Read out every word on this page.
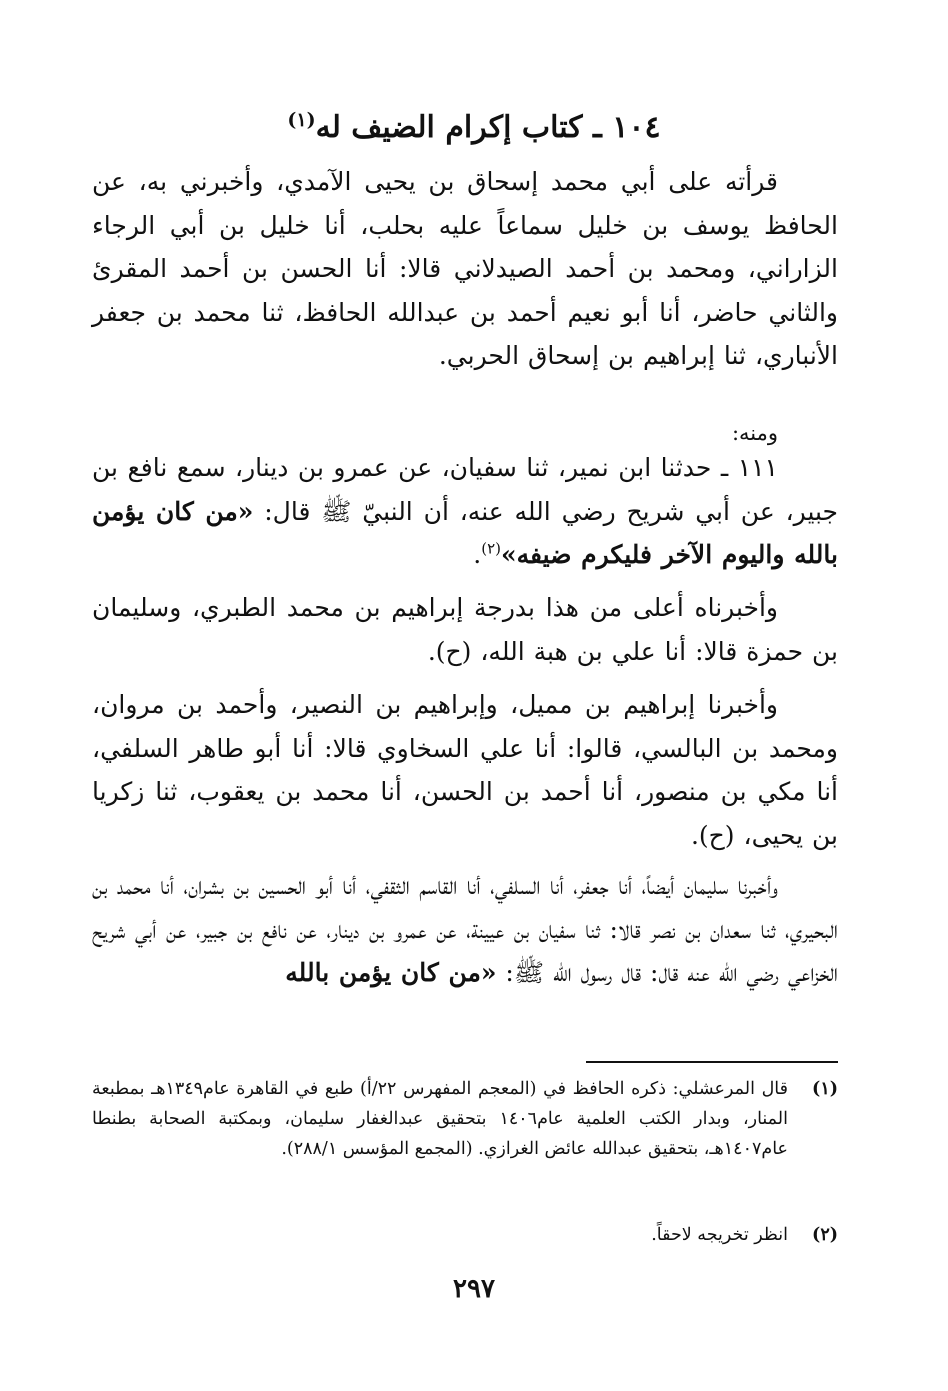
١٠٤ ـ كتاب إكرام الضيف له$^{(١)}$

قرأته على أبي محمد إسحاق بن يحيى الآمدي، وأخبرني به، عن الحافظ يوسف بن خليل سماعاً عليه بحلب، أنا خليل بن أبي الرجاء الزاراني، ومحمد بن أحمد الصيدلاني قالا: أنا الحسن بن أحمد المقرئ والثاني حاضر، أنا أبو نعيم أحمد بن عبدالله الحافظ، ثنا محمد بن جعفر الأنباري، ثنا إبراهيم بن إسحاق الحربي.

ومنه:

١١١ ـ حدثنا ابن نمير، ثنا سفيان، عن عمرو بن دينار، سمع نافع بن جبير، عن أبي شريح رضي الله عنه، أن النبيّ ﷺ قال: «من كان يؤمن بالله واليوم الآخر فليكرم ضيفه»$^{(٢)}$.

وأخبرناه أعلى من هذا بدرجة إبراهيم بن محمد الطبري، وسليمان بن حمزة قالا: أنا علي بن هبة الله، (ح).

وأخبرنا إبراهيم بن مميل، وإبراهيم بن النصير، وأحمد بن مروان، ومحمد بن البالسي، قالوا: أنا علي السخاوي قالا: أنا أبو طاهر السلفي، أنا مكي بن منصور، أنا أحمد بن الحسن، أنا محمد بن يعقوب، ثنا زكريا بن يحيى، (ح).

وأخبرنا سليمان أيضاً، أنا جعفر، أنا السلفي، أنا القاسم الثقفي، أنا أبو الحسين بن بشران، أنا محمد بن البحيري، ثنا سعدان بن نصر قالا: ثنا سفيان بن عيينة، عن عمرو بن دينار، عن نافع بن جبير، عن أبي شريح الخزاعي رضي الله عنه قال: قال رسول الله ﷺ: «من كان يؤمن بالله

(١)
قال المرعشلي: ذكره الحافظ في (المعجم المفهرس ٢٢/أ) طبع في القاهرة عام١٣٤٩هـ بمطبعة المنار، وبدار الكتب العلمية عام١٤٠٦ بتحقيق عبدالغفار سليمان، وبمكتبة الصحابة بطنطا عام١٤٠٧هـ، بتحقيق عبدالله عائض الغرازي. (المجمع المؤسس ٢٨٨/١).
(٢)
انظر تخريجه لاحقاً.
٢٩٧
